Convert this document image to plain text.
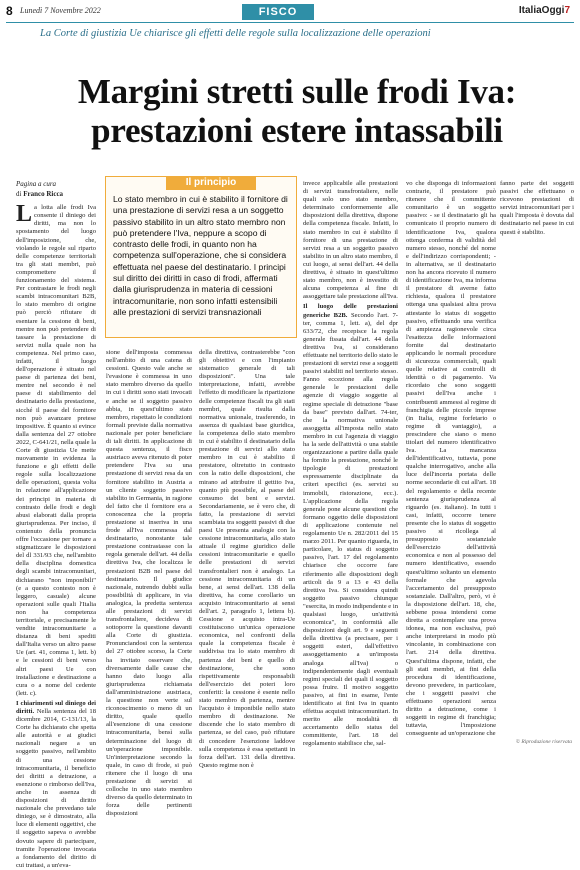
8 Lunedì 7 Novembre 2022	FISCO	ItaliaOggi7
La Corte di giustizia Ue chiarisce gli effetti delle regole sulla localizzazione delle operazioni
Margini stretti sulle frodi Iva:
prestazioni estere intassabili
Pagina a cura
di Franco Ricca

La lotta alle frodi Iva consente il diniego dei diritti, ma non lo spostamento del luogo dell'imposizione, che, violando le regole sul riparto delle competenze territoriali tra gli stati membri, può compromettere il funzionamento del sistema. Per contrastare le frodi negli scambi intracomunitari B2B, lo stato membro di origine può perciò rifiutare di esentare la cessione di beni, mentre non può pretendere di tassare la prestazione di servizi nulla quale non ha competenza. Nel primo caso, infatti, il luogo dell'operazione è situato nel paese di partenza dei beni, mentre nel secondo è nel paese di stabilimento del destinatario della prestazione, sicché il paese del fornitore non può avanzare pretese impositive. È quanto si evince dalla sentenza del 27 ottobre 2022, C-641/21, nella quale la Corte di giustizia Ue mette nuovamente in evidenza la funzione e gli effetti delle regole sulla localizzazione delle operazioni, questa volta in relazione all'applicazione dei principi in materia di contrasto delle frodi e degli abusi elaborati dalla propria giurisprudenza. Per inciso, il contenuto della pronuncia offre l'occasione per tornare a stigmatizzare le disposizioni del dl 331/93 che, nell'ambito della disciplina domestica degli scambi intracomunitari, dichiarano "non imponibili" (e a questo contesto non è leggero, casuale) alcune operazioni sulle quali l'Italia non ha competenza territoriale, e precisamente le vendite intracomunitarie a distanza di beni spediti dall'Italia verso un altro paese Ue (art. 41, comma 1, lett. b) e le cessioni di beni verso altri paesi Ue con installazione e destinazione a cura o a nome del cedente (lett. c).

I chiarimenti sul diniego dei diritti. Nella sentenza del 18 dicembre 2014, C-131/13, la Corte ha dichiarato che spetta alle autorità e ai giudici nazionali negare a un soggetto passivo, nell'ambito di una cessione intracomunitaria, il beneficio dei diritti a detrazione, a esenzione o rimborso dell'Iva, anche in assenza di disposizioni di diritto nazionale che prevedano tale diniego, se è dimostrato, alla luce di elementi oggettivi, che il soggetto sapeva o avrebbe dovuto sapere di partecipare, tramite l'operazione invocata a fondamento del diritto di cui trattasi, a un'eva-

Il principio
Lo stato membro in cui è stabilito il fornitore di una prestazione di servizi resa a un soggetto passivo stabilito in un altro stato membro non può pretendere l'Iva, neppure a scopo di contrasto delle frodi, in quanto non ha competenza sull'operazione, che si considera effettuata nel paese del destinatario. I principi sul diritto dei diritti in caso di frodi, affermati dalla giurisprudenza in materia di cessioni intracomunitarie, non sono infatti estensibili alle prestazioni di servizi transnazionali
sione dell'imposta commessa nell'ambito di una catena di cessioni. Questo vale anche se l'evasione è commessa in uno stato membro diverso da quello in cui i diritti sono stati invocati e anche se il soggetto passivo abbia, in quest'ultimo stato membro, rispettato le condizioni formali previste dalla normativa nazionale per poter beneficiare di tali diritti. In applicazione di questa sentenza, il fisco austriaco aveva ritenuto di poter pretendere l'Iva su una prestazione di servizi resa da un fornitore stabilito in Austria a un cliente soggetto passivo stabilito in Germania, in ragione del fatto che il fornitore era a conoscenza che la propria prestazione si inseriva in una frode all'Iva commessa dal destinatario, nonostante tale prestazione contrastasse con la regola generale dell'art. 44 della direttiva Iva, che localizza le prestazioni B2B nel paese del destinatario. Il giudice nazionale, nutrendo dubbi sulla possibilità di applicare, in via analogica, la predetta sentenza alle prestazioni di servizi transfrontaliere, decideva di sottoporre la questione davanti alla Corte di giustizia. Pronunciandosi con la sentenza del 27 ottobre scorso, la Corte ha invitato osservare che, diversamente dalle cause che hanno dato luogo alla giurisprudenza richiamata dall'amministrazione austriaca, la questione non verte sul riconoscimento o meno di un diritto, quale quello all'esenzione di una cessione intracomunitaria, bensì sulla determinazione del luogo di un'operazione imponibile. Un'interpretazione secondo la quale, in caso di frode, si può ritenere che il luogo di una prestazione di servizi si colloche in uno stato membro diverso da quello determinato in forza delle pertinenti disposizioni
della direttiva, contrasterebbe "con gli obiettivi e con l'impianto sistematico generale di tali disposizioni". Una tale interpretazione, infatti, avrebbe l'effetto di modificare la ripartizione delle competenze fiscali tra gli stati membri, quale risulta dalla normativa unionale, trasferendo, in assenza di qualsiasi base giuridica, la competenza dello stato membro in cui è stabilito il destinatario della prestazione di servizi allo stato membro in cui è stabilito il prestatore, oltretutto in contrasto con la ratio delle disposizioni, che mirano ad attribuire il gettito Iva, quanto più possibile, al paese del consumo dei beni e servizi. Secondariamente, se è vero che, di fatto, la prestazione di servizi scambiata tra soggetti passivi di due paesi Ue presenta analogie con la cessione intracomunitaria, allo stato attuale il regime giuridico delle cessioni intracomunitarie e quello delle prestazioni di servizi transfrontalieri non è analogo. La cessione intracomunitaria di un bene, ai sensi dell'art. 138 della direttiva, ha come corollario un acquisto intracomunitario ai sensi dell'art. 2, paragrafo 1, lettera b). Cessione e acquisto intra-Ue costituiscono un'unica operazione economica, nel confronti della quale la competenza fiscale è suddivisa tra lo stato membro di partenza dei beni e quello di destinazione, che sono rispettivamente responsabili dell'esercizio dei poteri loro conferiti: la cessione è esente nello stato membro di partenza, mentre l'acquisto è imponibile nello stato membro di destinazione. Ne discende che lo stato membro di partenza, se del caso, può rifiutare di concedere l'esenzione laddove sulla competenza è essa spettanti in forza dell'art. 131 della direttiva. Questo regime non è

invece applicabile alle prestazioni di servizi transfrontaliere, nelle quali solo uno stato membro, determinato conformemente alle disposizioni della direttiva, dispone della competenza fiscale. Infatti, lo stato membro in cui è stabilito il fornitore di una prestazione di servizi resa a un soggetto passivo stabilito in un altro stato membro, il cui luogo, ai sensi dell'art. 44 della direttiva, è situato in quest'ultimo stato membro, non è investito di alcuna competenza al fine di assoggettare tale prestazione all'Iva.

Il luogo delle prestazioni generiche B2B. Secondo l'art. 7-ter, comma 1, lett. a), del dpr 633/72, che recepisce la regola generale fissata dall'art. 44 della direttiva Iva, si considerano effettuate nel territorio dello stato le prestazioni di servizi rese a soggetti passivi stabiliti nel territorio stesso. Fanno eccezione alla regola generale le prestazioni delle agenzie di viaggio soggette al regime speciale di detrazione "base da base" previsto dall'art. 74-ter, che la normativa unionale assoggetta all'imposta nello stato membro in cui l'agenzia di viaggio ha la sede dell'attività o una stabile organizzazione a partire dalla quale ha fornito la prestazione, nonché le tipologie di prestazioni espressamente disciplinate da criteri specifici (es. servizi su immobili, ristorazione, ecc.). L'applicazione della regola generale pone alcune questioni che formano oggetto delle disposizioni di applicazione contenute nel regolamento Ue n. 282/2011 del 15 marzo 2011. Per quanto riguarda, in particolare, lo status di soggetto passivo, l'art. 17 del regolamento chiarisce che occorre fare riferimento alle disposizioni degli articoli da 9 a 13 e 43 della direttiva Iva. Si considera quindi soggetto passivo chiunque "esercita, in modo indipendente e in qualsiasi luogo, un'attività economica", in conformità alle disposizioni degli art. 9 e seguenti della direttiva (a precisare, per i soggetti esteri, dall'effettivo assoggettamento a un'imposta analoga all'Iva) o indipendentemente dagli eventuali regimi speciali dei quali il soggetto possa fruire. Il motivo soggetto passivo, ai fini in esame, l'ente identificato ai fini Iva in quanto effettua acquisti intracomunitari. In merito alle modalità di accertamento dello status del committente, l'art. 18 del regolamento stabilisce che, sal-

vo che disponga di informazioni contrarie, il prestatore può ritenere che il committente comunitario è un soggetto passivo: - se il destinatario gli ha comunicato il proprio numero di identificazione Iva, qualora ottenga conferma di validità del numero stesso, nonché del nome e dell'indirizzo corrispondenti; - in alternativa, se il destinatario non ha ancora ricevuto il numero di identificazione Iva, ma informa il prestatore di averne fatto richiesta, qualora il prestatore ottenga una qualsiasi altra prova attestante lo status di soggetto passivo, effettuando una verifica di ampiezza ragionevole circa l'esattezza delle informazioni fornite dal destinatario applicando le normali procedure di sicurezza commerciali, quali quelle relative ai controlli di identità o di pagamento. Va ricordato che sono soggetti passivi dell'Iva anche i contribuenti ammessi al regime di franchigia delle piccole imprese (in Italia, regime forfetario o regime di vantaggio), a prescindere che siano o meno titolari del numero identificativo Iva. La mancanza dell'identificativo, tuttavia, pone qualche interrogativo, anche alla luce dell'incerta portata delle norme secondarie di cui all'art. 18 del regolamento e della recente sentenza giurisprudenza al riguardo (es. italiano). In tutti i casi, infatti, occorre tenere presente che lo status di soggetto passivo si ricollega al presupposto sostanziale dell'esercizio dell'attività economica e non al possesso del numero identificativo, essendo quest'ultimo soltanto un elemento formale che agevola l'accertamento del presupposto sostanziale. Dall'altro, però, vi è la disposizione dell'art. 18, che, sebbene possa intendersi come diretta a contemplare una prova idonea, ma non esclusiva, può anche interpretarsi in modo più vincolante, in combinazione con l'art. 214 della direttiva. Quest'ultima dispone, infatti, che gli stati membri, ai fini della procedura di identificazione, devono prevedere, in particolare, che i soggetti passivi che effettuano operazioni senza diritto a detrazione, come i soggetti in regime di franchigia; tuttavia, l'imposizione conseguente ad un'operazione che
fanno parte dei soggetti passivi che effettuano o ricevono prestazioni di servizi intracomunitari per i quali l'imposta è dovuta dal destinatario nel paese in cui questi è stabilito.
© Riproduzione riservata
